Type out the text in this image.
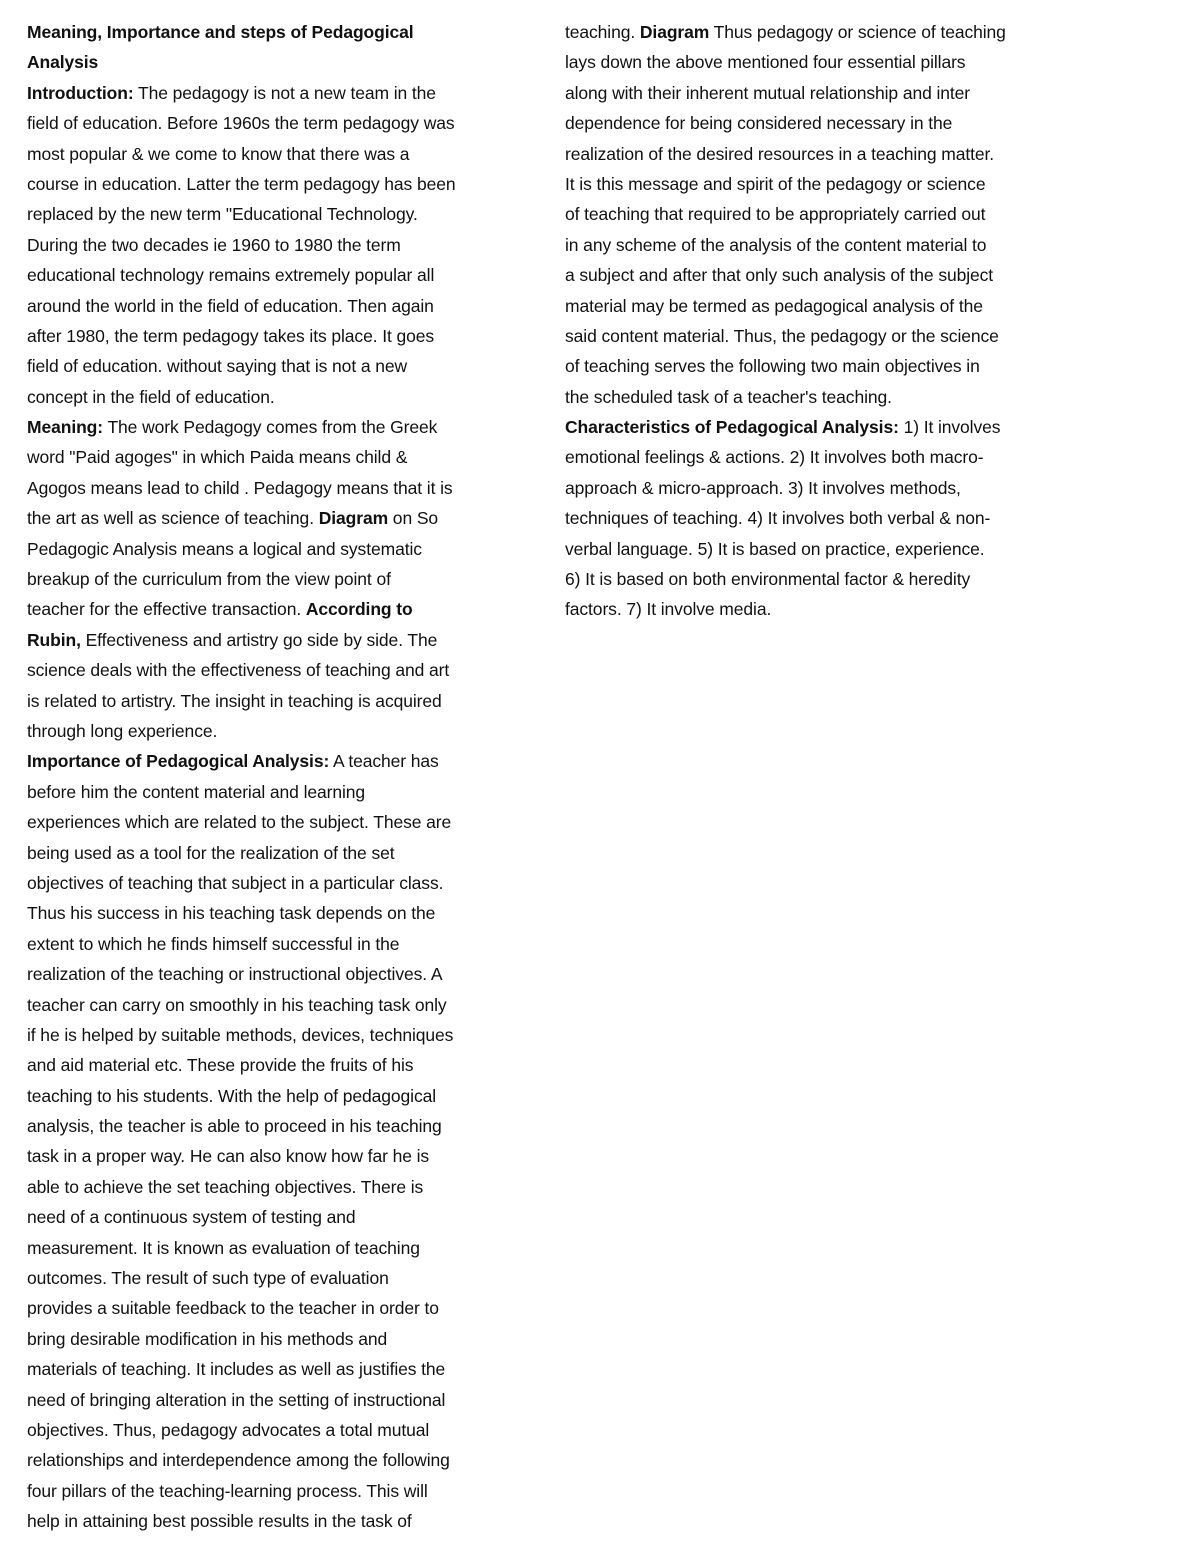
Meaning, Importance and steps of Pedagogical
Analysis
Introduction: The pedagogy is not a new team in the
field of education. Before 1960s the term pedagogy was
most popular & we come to know that there was a
course in education. Latter the term pedagogy has been
replaced by the new term "Educational Technology.
During the two decades ie 1960 to 1980 the term
educational technology remains extremely popular all
around the world in the field of education. Then again
after 1980, the term pedagogy takes its place. It goes
field of education. without saying that is not a new
concept in the field of education.
Meaning: The work Pedagogy comes from the Greek
word "Paid agoges" in which Paida means child &
Agogos means lead to child . Pedagogy means that it is
the art as well as science of teaching. Diagram on So
Pedagogic Analysis means a logical and systematic
breakup of the curriculum from the view point of
teacher for the effective transaction. According to
Rubin, Effectiveness and artistry go side by side. The
science deals with the effectiveness of teaching and art
is related to artistry. The insight in teaching is acquired
through long experience.
Importance of Pedagogical Analysis: A teacher has
before him the content material and learning
experiences which are related to the subject. These are
being used as a tool for the realization of the set
objectives of teaching that subject in a particular class.
Thus his success in his teaching task depends on the
extent to which he finds himself successful in the
realization of the teaching or instructional objectives. A
teacher can carry on smoothly in his teaching task only
if he is helped by suitable methods, devices, techniques
and aid material etc. These provide the fruits of his
teaching to his students. With the help of pedagogical
analysis, the teacher is able to proceed in his teaching
task in a proper way. He can also know how far he is
able to achieve the set teaching objectives. There is
need of a continuous system of testing and
measurement. It is known as evaluation of teaching
outcomes. The result of such type of evaluation
provides a suitable feedback to the teacher in order to
bring desirable modification in his methods and
materials of teaching. It includes as well as justifies the
need of bringing alteration in the setting of instructional
objectives. Thus, pedagogy advocates a total mutual
relationships and interdependence among the following
four pillars of the teaching-learning process. This will
help in attaining best possible results in the task of
teaching. Diagram Thus pedagogy or science of teaching
lays down the above mentioned four essential pillars
along with their inherent mutual relationship and inter
dependence for being considered necessary in the
realization of the desired resources in a teaching matter.
It is this message and spirit of the pedagogy or science
of teaching that required to be appropriately carried out
in any scheme of the analysis of the content material to
a subject and after that only such analysis of the subject
material may be termed as pedagogical analysis of the
said content material. Thus, the pedagogy or the science
of teaching serves the following two main objectives in
the scheduled task of a teacher's teaching.
Characteristics of Pedagogical Analysis: 1) It involves
emotional feelings & actions. 2) It involves both macro-
approach & micro-approach. 3) It involves methods,
techniques of teaching. 4) It involves both verbal & non-
verbal language. 5) It is based on practice, experience.
6) It is based on both environmental factor & heredity
factors. 7) It involve media.
